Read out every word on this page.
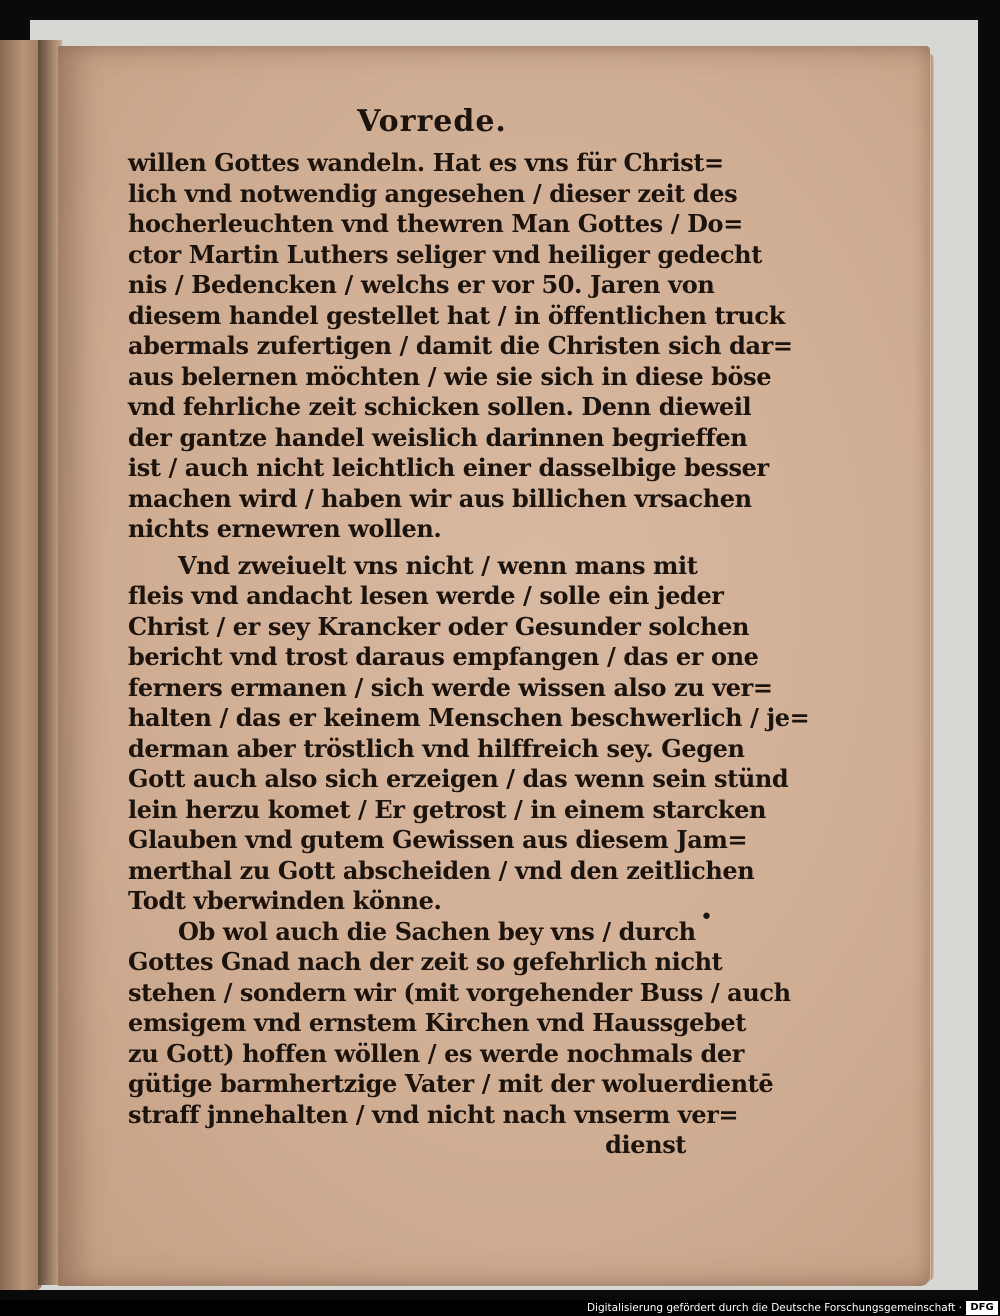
Vorrede.
willen Gottes wandeln. Hat es vns für Christ=
lich vnd notwendig angesehen / dieser zeit des
hocherleuchten vnd thewren Man Gottes / Do=
ctor Martin Luthers seliger vnd heiliger gedecht
nis / Bedencken / welchs er vor 50. Jaren von
diesem handel gestellet hat / in öffentlichen truck
abermals zufertigen / damit die Christen sich dar=
aus belernen möchten / wie sie sich in diese böse
vnd fehrliche zeit schicken sollen. Denn dieweil
der gantze handel weislich darinnen begrieffen
ist / auch nicht leichtlich einer dasselbige besser
machen wird / haben wir aus billichen vrsachen
nichts ernewren wollen.
Vnd zweiuelt vns nicht / wenn mans mit
fleis vnd andacht lesen werde / solle ein jeder
Christ / er sey Krancker oder Gesunder solchen
bericht vnd trost daraus empfangen / das er one
ferners ermanen / sich werde wissen also zu ver=
halten / das er keinem Menschen beschwerlich / je=
derman aber tröstlich vnd hilffreich sey. Gegen
Gott auch also sich erzeigen / das wenn sein stünd
lein herzu komet / Er getrost / in einem starcken
Glauben vnd gutem Gewissen aus diesem Jam=
merthal zu Gott abscheiden / vnd den zeitlichen
Todt vberwinden könne.
Ob wol auch die Sachen bey vns / durch
Gottes Gnad nach der zeit so gefehrlich nicht
stehen / sondern wir (mit vorgehender Buss / auch
emsigem vnd ernstem Kirchen vnd Haussgebet
zu Gott) hoffen wöllen / es werde nochmals der
gütige barmhertzige Vater / mit der woluerdientē
straff jnnehalten / vnd nicht nach vnserm ver=
dienst
•
Digitalisierung gefördert durch die Deutsche Forschungsgemeinschaft · DFG
